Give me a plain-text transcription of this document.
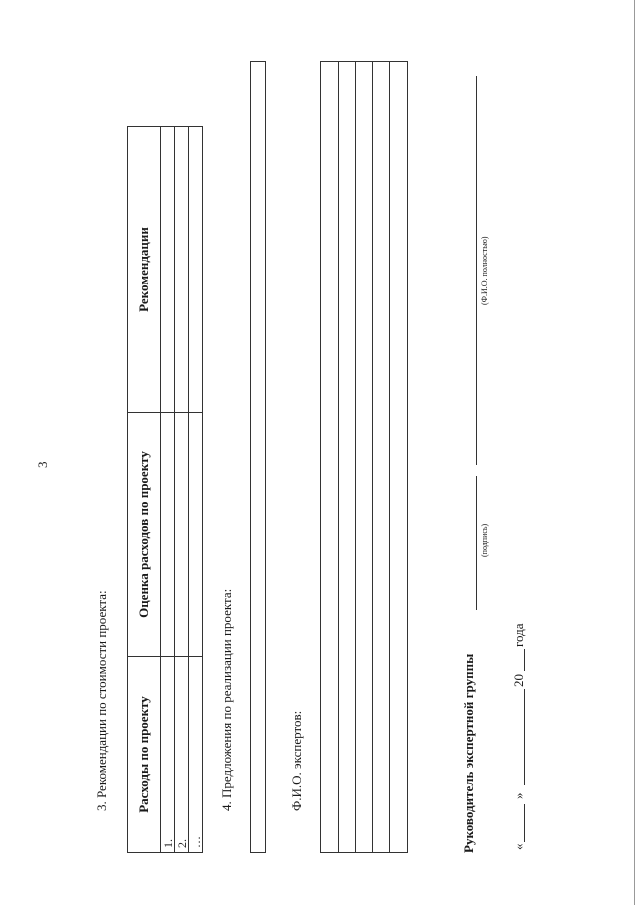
3
3. Рекомендации по стоимости проекта: Расходы по проекту	Оценка расходов по проекту	Рекомендации
1.		
2.		
…		
4. Предложения по реализации проекта:	Ф.И.О. экспертов:	Руководитель экспертной группы
(подпись)
(Ф.И.О. полностью)
«
»
20
года
